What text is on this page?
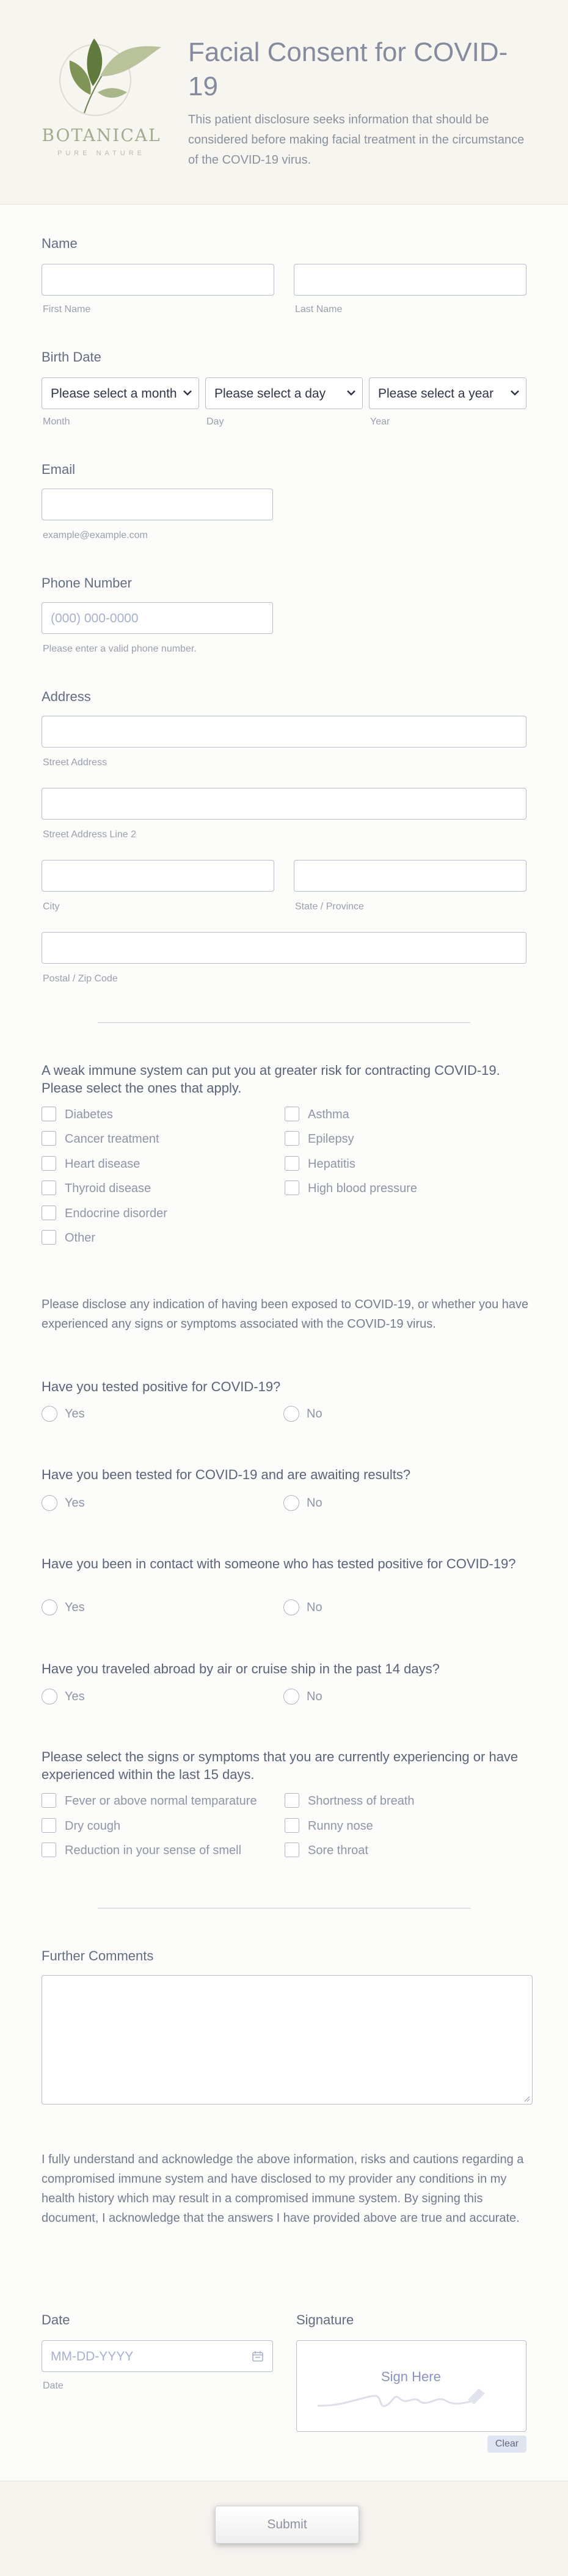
BOTANICAL
PURE NATURE
Facial Consent for COVID-19

This patient disclosure seeks information that should be considered before making facial treatment in the circumstance of the COVID-19 virus.

Name
First Name	Last Name
Birth Date
Please select a month	Please select a day	Please select a year
Month	Day	Year
Email
example@example.com
Phone Number
(000) 000-0000
Please enter a valid phone number.
Address
Street Address
Street Address Line 2
City	State / Province
Postal / Zip Code
A weak immune system can put you at greater risk for contracting COVID-19. Please select the ones that apply.
Diabetes
Cancer treatment
Heart disease
Thyroid disease
Endocrine disorder
Other
Asthma
Epilepsy
Hepatitis
High blood pressure
Please disclose any indication of having been exposed to COVID-19, or whether you have experienced any signs or symptoms associated with the COVID-19 virus.
Have you tested positive for COVID-19?
Yes	No
Have you been tested for COVID-19 and are awaiting results?
Yes	No
Have you been in contact with someone who has tested positive for COVID-19?
Yes	No
Have you traveled abroad by air or cruise ship in the past 14 days?
Yes	No
Please select the signs or symptoms that you are currently experiencing or have experienced within the last 15 days.
Fever or above normal temparature
Dry cough
Reduction in your sense of smell
Shortness of breath
Runny nose
Sore throat
Further Comments
I fully understand and acknowledge the above information, risks and cautions regarding a compromised immune system and have disclosed to my provider any conditions in my health history which may result in a compromised immune system. By signing this document, I acknowledge that the answers I have provided above are true and accurate.
Date
MM-DD-YYYY
Date
Signature
Sign Here
Clear
Submit
